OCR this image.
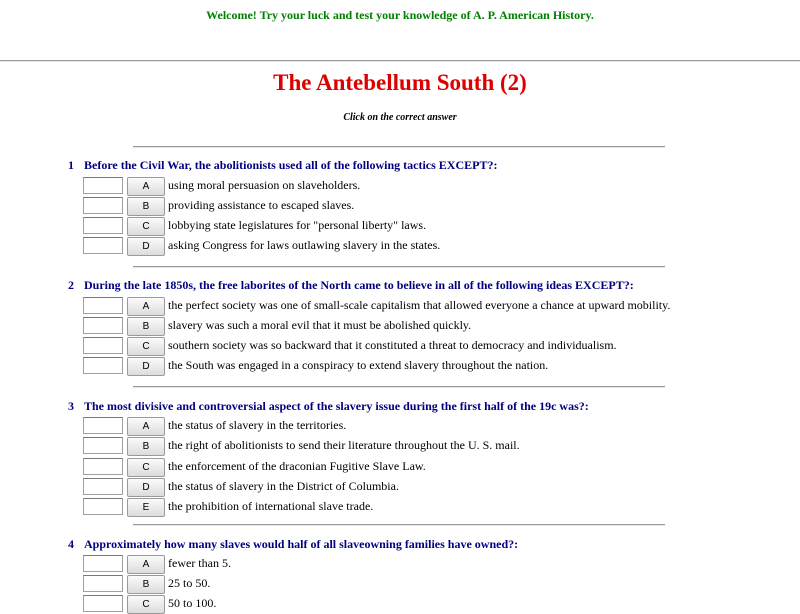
Welcome! Try your luck and test your knowledge of A. P. American History.
The Antebellum South (2)
Click on the correct answer
1 Before the Civil War, the abolitionists used all of the following tactics EXCEPT?:
A	using moral persuasion on slaveholders.
B	providing assistance to escaped slaves.
C	lobbying state legislatures for "personal liberty" laws.
D	asking Congress for laws outlawing slavery in the states.
2 During the late 1850s, the free laborites of the North came to believe in all of the following ideas EXCEPT?:
A	the perfect society was one of small-scale capitalism that allowed everyone a chance at upward mobility.
B	slavery was such a moral evil that it must be abolished quickly.
C	southern society was so backward that it constituted a threat to democracy and individualism.
D	the South was engaged in a conspiracy to extend slavery throughout the nation.
3 The most divisive and controversial aspect of the slavery issue during the first half of the 19c was?:
A	the status of slavery in the territories.
B	the right of abolitionists to send their literature throughout the U. S. mail.
C	the enforcement of the draconian Fugitive Slave Law.
D	the status of slavery in the District of Columbia.
E	the prohibition of international slave trade.
4 Approximately how many slaves would half of all slaveowning families have owned?:
A	fewer than 5.
B	25 to 50.
C	50 to 100.
